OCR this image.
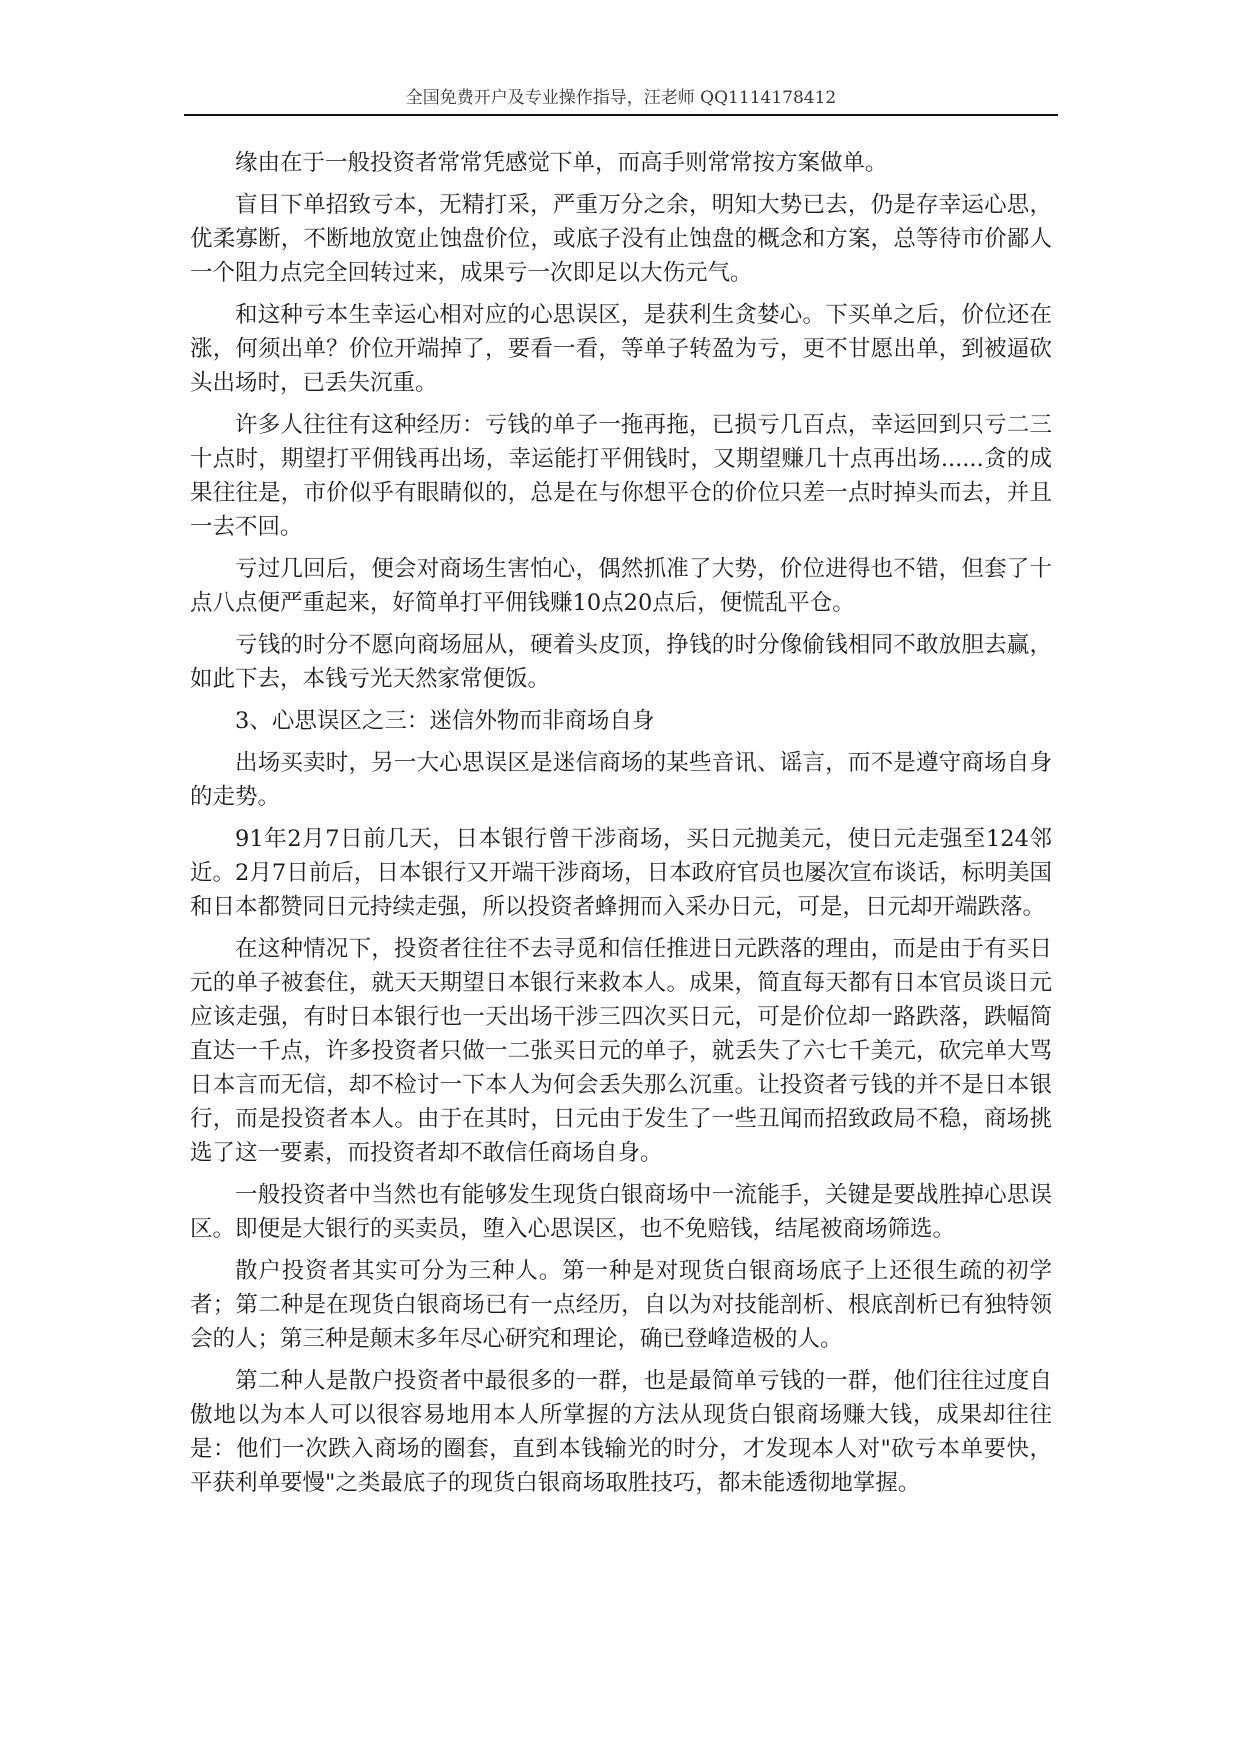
全国免费开户及专业操作指导，汪老师 QQ1114178412

缘由在于一般投资者常常凭感觉下单，而高手则常常按方案做单。

盲目下单招致亏本，无精打采，严重万分之余，明知大势已去，仍是存幸运心思，优柔寡断，不断地放宽止蚀盘价位，或底子没有止蚀盘的概念和方案，总等待市价鄙人一个阻力点完全回转过来，成果亏一次即足以大伤元气。

和这种亏本生幸运心相对应的心思误区，是获利生贪婪心。下买单之后，价位还在涨，何须出单？价位开端掉了，要看一看，等单子转盈为亏，更不甘愿出单，到被逼砍头出场时，已丢失沉重。

许多人往往有这种经历：亏钱的单子一拖再拖，已损亏几百点，幸运回到只亏二三十点时，期望打平佣钱再出场，幸运能打平佣钱时，又期望赚几十点再出场......贪的成果往往是，市价似乎有眼睛似的，总是在与你想平仓的价位只差一点时掉头而去，并且一去不回。

亏过几回后，便会对商场生害怕心，偶然抓准了大势，价位进得也不错，但套了十点八点便严重起来，好简单打平佣钱赚10点20点后，便慌乱平仓。

亏钱的时分不愿向商场屈从，硬着头皮顶，挣钱的时分像偷钱相同不敢放胆去赢，如此下去，本钱亏光天然家常便饭。

3、心思误区之三：迷信外物而非商场自身

出场买卖时，另一大心思误区是迷信商场的某些音讯、谣言，而不是遵守商场自身的走势。

91年2月7日前几天，日本银行曾干涉商场，买日元抛美元，使日元走强至124邻近。2月7日前后，日本银行又开端干涉商场，日本政府官员也屡次宣布谈话，标明美国和日本都赞同日元持续走强，所以投资者蜂拥而入采办日元，可是，日元却开端跌落。

在这种情况下，投资者往往不去寻觅和信任推进日元跌落的理由，而是由于有买日元的单子被套住，就天天期望日本银行来救本人。成果，简直每天都有日本官员谈日元应该走强，有时日本银行也一天出场干涉三四次买日元，可是价位却一路跌落，跌幅简直达一千点，许多投资者只做一二张买日元的单子，就丢失了六七千美元，砍完单大骂日本言而无信，却不检讨一下本人为何会丢失那么沉重。让投资者亏钱的并不是日本银行，而是投资者本人。由于在其时，日元由于发生了一些丑闻而招致政局不稳，商场挑选了这一要素，而投资者却不敢信任商场自身。

一般投资者中当然也有能够发生现货白银商场中一流能手，关键是要战胜掉心思误区。即便是大银行的买卖员，堕入心思误区，也不免赔钱，结尾被商场筛选。

散户投资者其实可分为三种人。第一种是对现货白银商场底子上还很生疏的初学者；第二种是在现货白银商场已有一点经历，自以为对技能剖析、根底剖析已有独特领会的人；第三种是颠末多年尽心研究和理论，确已登峰造极的人。

第二种人是散户投资者中最很多的一群，也是最简单亏钱的一群，他们往往过度自傲地以为本人可以很容易地用本人所掌握的方法从现货白银商场赚大钱，成果却往往是：他们一次跌入商场的圈套，直到本钱输光的时分，才发现本人对"砍亏本单要快，平获利单要慢"之类最底子的现货白银商场取胜技巧，都未能透彻地掌握。
